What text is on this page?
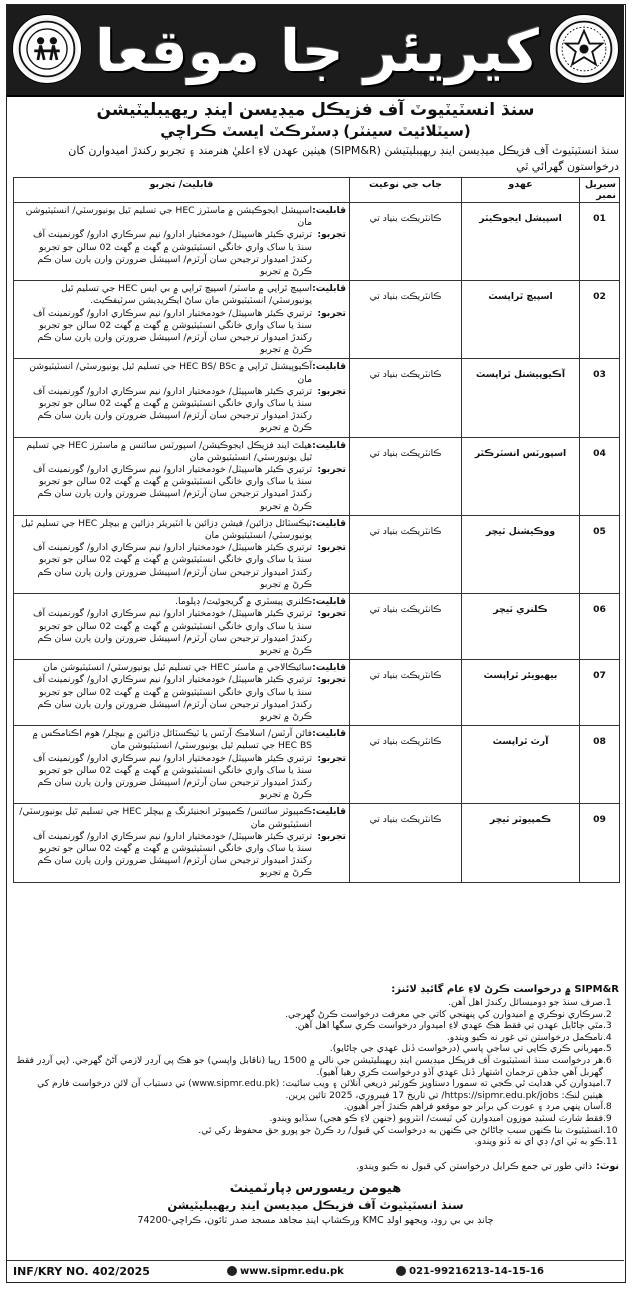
کيريئر جا موقعا
سنڌ انسٽيٽيوٽ آف فزيڪل ميڊيسن اينڊ ريهيبليٽيشن
(سيٽلائيٽ سينٽر) ڊسٽرڪٽ ايسٽ ڪراچي
سنڌ انسٽيٽيوٽ آف فزيڪل ميڊيسن اينڊ ريهيبليٽيشن (SIPM&R) هيٺين عهدن لاءِ اعليٰ هنرمند ۽ تجربو رکندڙ اميدوارن کان درخواستون گهرائي ٿي
سيريل نمبر	عهدو	جاب جي نوعيت	قابليت/ تجربو
01	اسپيشل ايجوڪيٽر	ڪانٽريڪٽ بنياد تي	قابليت:
اسپيشل ايجوڪيشن ۾ ماسٽرز HEC جي تسليم ٿيل يونيورسٽي/ انسٽيٽيوشن مان
تجربو:
ترتيري ڪيئر هاسپيٽل/ خودمختيار ادارو/ نيم سرڪاري ادارو/ گورنمينٽ آف سنڌ يا ساک واري خانگي انسٽيٽيوشن ۾ گهٽ ۾ گهٽ 02 سالن جو تجربو رکندڙ اميدوار ترجيحن سان آرٽزم/ اسپيشل ضرورتن وارن ٻارن سان ڪم ڪرڻ ۾ تجربو

02	اسپيچ ٿراپسٽ	ڪانٽريڪٽ بنياد تي	قابليت:
اسپيچ ٿراپي ۾ ماسٽر/ اسپيچ ٿراپي ۾ بي ايس HEC جي تسليم ٿيل يونيورسٽي/ انسٽيٽيوشن مان ساڻ ايڪريڊيشن سرٽيفڪيٽ.
تجربو:
ترتيري ڪيئر هاسپيٽل/ خودمختيار ادارو/ نيم سرڪاري ادارو/ گورنمينٽ آف سنڌ يا ساک واري خانگي انسٽيٽيوشن ۾ گهٽ ۾ گهٽ 02 سالن جو تجربو رکندڙ اميدوار ترجيحن سان آرٽزم/ اسپيشل ضرورتن وارن ٻارن سان ڪم ڪرڻ ۾ تجربو

03	آڪيوپيشنل ٿراپسٽ	ڪانٽريڪٽ بنياد تي	قابليت:
آڪيوپيشنل ٿراپي ۾ HEC BS/ BSc جي تسليم ٿيل يونيورسٽي/ انسٽيٽيوشن مان
تجربو:
ترتيري ڪيئر هاسپيٽل/ خودمختيار ادارو/ نيم سرڪاري ادارو/ گورنمينٽ آف سنڌ يا ساک واري خانگي انسٽيٽيوشن ۾ گهٽ ۾ گهٽ 02 سالن جو تجربو رکندڙ اميدوار ترجيحن سان آرٽزم/ اسپيشل ضرورتن وارن ٻارن سان ڪم ڪرڻ ۾ تجربو

04	اسپورٽس انسٽرڪٽر	ڪانٽريڪٽ بنياد تي	قابليت:
هيلٿ اينڊ فزيڪل ايجوڪيشن/ اسپورٽس سائنس ۾ ماسٽرز HEC جي تسليم ٿيل يونيورسٽي/ انسٽيٽيوشن مان
تجربو:
ترتيري ڪيئر هاسپيٽل/ خودمختيار ادارو/ نيم سرڪاري ادارو/ گورنمينٽ آف سنڌ يا ساک واري خانگي انسٽيٽيوشن ۾ گهٽ ۾ گهٽ 02 سالن جو تجربو رکندڙ اميدوار ترجيحن سان آرٽزم/ اسپيشل ضرورتن وارن ٻارن سان ڪم ڪرڻ ۾ تجربو

05	ووڪيشنل ٽيچر	ڪانٽريڪٽ بنياد تي	قابليت:
ٽيڪسٽائل ڊزائين/ فيشن ڊزائين يا انٽيريئر ڊزائين ۾ بيچلر HEC جي تسليم ٿيل يونيورسٽي/ انسٽيٽيوشن مان
تجربو:
ترتيري ڪيئر هاسپيٽل/ خودمختيار ادارو/ نيم سرڪاري ادارو/ گورنمينٽ آف سنڌ يا ساک واري خانگي انسٽيٽيوشن ۾ گهٽ ۾ گهٽ 02 سالن جو تجربو رکندڙ اميدوار ترجيحن سان آرٽزم/ اسپيشل ضرورتن وارن ٻارن سان ڪم ڪرڻ ۾ تجربو

06	ڪلنري ٽيچر	ڪانٽريڪٽ بنياد تي	قابليت:
ڪلنري پيسٽري ۾ گريجوئيٽ/ ڊپلوما.
تجربو:
ترتيري ڪيئر هاسپيٽل/ خودمختيار ادارو/ نيم سرڪاري ادارو/ گورنمينٽ آف سنڌ يا ساک واري خانگي انسٽيٽيوشن ۾ گهٽ ۾ گهٽ 02 سالن جو تجربو رکندڙ اميدوار ترجيحن سان آرٽزم/ اسپيشل ضرورتن وارن ٻارن سان ڪم ڪرڻ ۾ تجربو

07	بيهيويئر ٿراپسٽ	ڪانٽريڪٽ بنياد تي	قابليت:
سائيڪالاجي ۾ ماسٽر HEC جي تسليم ٿيل يونيورسٽي/ انسٽيٽيوشن مان
تجربو:
ترتيري ڪيئر هاسپيٽل/ خودمختيار ادارو/ نيم سرڪاري ادارو/ گورنمينٽ آف سنڌ يا ساک واري خانگي انسٽيٽيوشن ۾ گهٽ ۾ گهٽ 02 سالن جو تجربو رکندڙ اميدوار ترجيحن سان آرٽزم/ اسپيشل ضرورتن وارن ٻارن سان ڪم ڪرڻ ۾ تجربو

08	آرٽ ٿراپسٽ	ڪانٽريڪٽ بنياد تي	قابليت:
فائن آرٽس/ اسلامڪ آرٽس يا ٽيڪسٽائل ڊزائين ۾ بيچلر/ هوم اڪنامڪس ۾ HEC BS جي تسليم ٿيل يونيورسٽي/ انسٽيٽيوشن مان
تجربو:
ترتيري ڪيئر هاسپيٽل/ خودمختيار ادارو/ نيم سرڪاري ادارو/ گورنمينٽ آف سنڌ يا ساک واري خانگي انسٽيٽيوشن ۾ گهٽ ۾ گهٽ 02 سالن جو تجربو رکندڙ اميدوار ترجيحن سان آرٽزم/ اسپيشل ضرورتن وارن ٻارن سان ڪم ڪرڻ ۾ تجربو

09	ڪمپيوٽر ٽيچر	ڪانٽريڪٽ بنياد تي	قابليت:
ڪمپيوٽر سائنس/ ڪمپيوٽر انجنيئرنگ ۾ بيچلر HEC جي تسليم ٿيل يونيورسٽي/ انسٽيٽيوشن مان
تجربو:
ترتيري ڪيئر هاسپيٽل/ خودمختيار ادارو/ نيم سرڪاري ادارو/ گورنمينٽ آف سنڌ يا ساک واري خانگي انسٽيٽيوشن ۾ گهٽ ۾ گهٽ 02 سالن جو تجربو رکندڙ اميدوار ترجيحن سان آرٽزم/ اسپيشل ضرورتن وارن ٻارن سان ڪم ڪرڻ ۾ تجربو
SIPM&R ۾ درخواست ڪرڻ لاءِ عام گائيڊ لائنز:
1.
صرف سنڌ جو ڊوميسائل رکندڙ اهل آهن.
2.
سرڪاري نوڪري ۾ اميدوارن کي پنهنجي کاتي جي معرفت درخواست ڪرڻ گهرجي.
3.
مٿي ڄاڻايل عهدن تي فقط هڪ عهدي لاءِ اميدوار درخواست ڪري سگها اهل آهن.
4.
نامڪمل درخواستن تي غور نه ڪيو ويندو.
5.
مهرباني ڪري ڪاپي تي ساجي پاسي (درخواست ڏنل عهدي جي ڄاڻايو).
6.
هر درخواست سنڌ انسٽيٽيوٽ آف فزيڪل ميڊيسن اينڊ ريهيبليٽيشن جي نالي ۾ 1500 رپيا (ناقابل واپسي) جو هڪ پي آرڊر لازمي آڻڻ گهرجي. (پي آرڊر فقط گهربل آهي جڏهن ترجمان اشتهار ڏنل عهدي آڏو درخواست ڪري رهيا آهيو).
7.
اميدوارن کي هدايت ٿي ڪجي ته سمورا دستاويز ڪورئير ذريعي آنلائن ۽ ويب سائيٽ: (www.sipmr.edu.pk) تي دستياب آن لائن درخواست فارم کي هيٺين لنڪ: https://sipmr.edu.pk/jobs/ تي تاريخ 17 فيبروري، 2025 تائين پرين.
8.
آسان پنهي مرد ۽ عورت کي برابر جو موقعو فراهم ڪندڙ آجر آهيون.
9.
فقط شارٽ لسٽيڊ موزون اميدوارن کي ٽيسٽ/ انٽرويو (جنهن لاءِ ڪو هجي) سڏايو ويندو.
10.
انسٽيٽيوٽ بنا ڪنهن سبب ڄاڻائڻ جي ڪنهن به درخواست کي قبول/ رد ڪرڻ جو پورو حق محفوظ رکي ٿي.
11.
ڪو به ٽي اي/ ڊي اي نه ڏنو ويندو.
نوٽ:ذاتي طور تي جمع ڪرايل درخواستن کي قبول نه ڪيو ويندو.
هيومن ريسورس ڊپارٽمينٽ
سنڌ انسٽيٽيوٽ آف فزيڪل ميڊيسن اينڊ ريهيبليٽيشن
چانڊ بي بي روڊ، ويجهو اولڊ KMC ورڪشاپ اينڊ مجاهد مسجد صدر ٽائون، ڪراچي-74200
INF/KRY NO. 402/2025	www.sipmr.edu.pk	021-99216213-14-15-16
